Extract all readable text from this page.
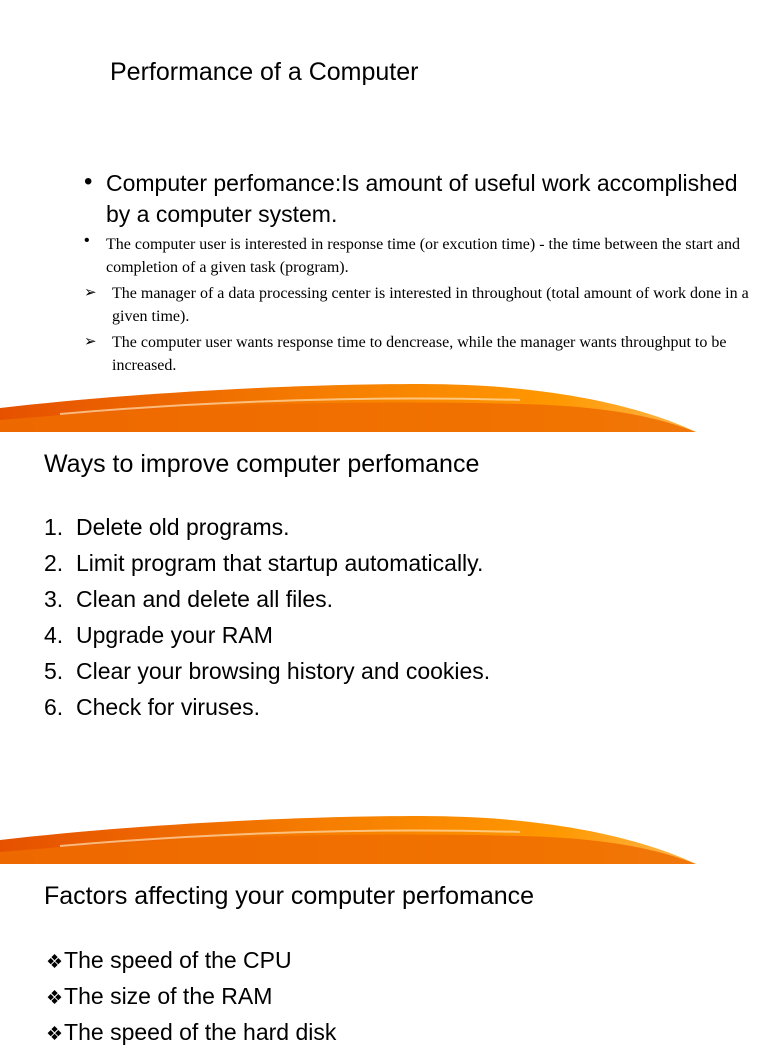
Performance of a Computer
• Computer perfomance:Is amount of useful work accomplished by a computer system.
• The computer user is interested in response time (or excution time) - the time between the start and completion of a given task (program).
➢ The manager of a data processing center is interested in throughout (total amount of work done in a given time).
➢ The computer user wants response time to dencrease, while the manager wants throughput to be increased.
Ways to improve computer perfomance
1. Delete old programs.
2. Limit program that startup automatically.
3. Clean and delete all files.
4. Upgrade your RAM
5. Clear your browsing history and cookies.
6. Check for viruses.
Factors affecting your computer perfomance
❖The speed of the CPU
❖The size of the RAM
❖The speed of the hard disk
